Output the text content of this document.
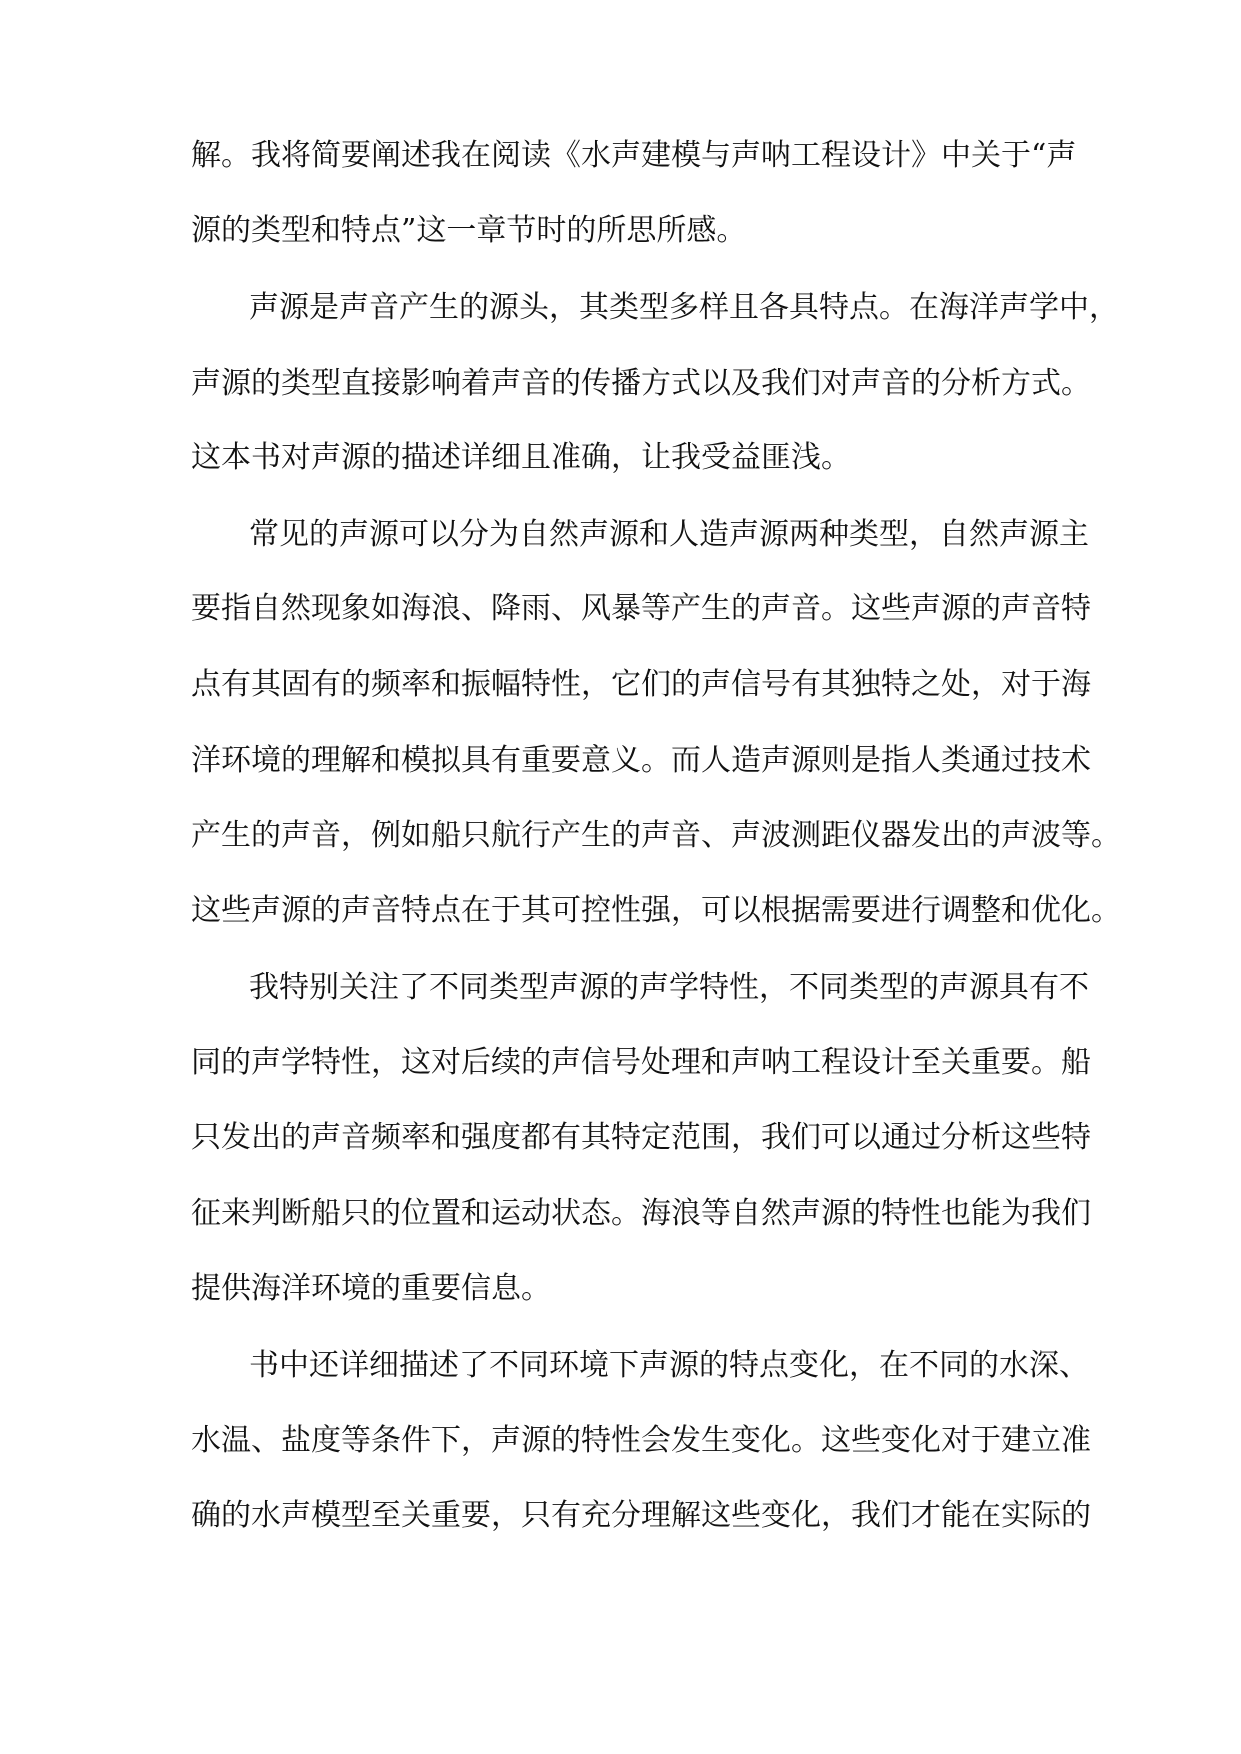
解。我将简要阐述我在阅读《水声建模与声呐工程设计》中关于“声
源的类型和特点”这一章节时的所思所感。
声源是声音产生的源头，其类型多样且各具特点。在海洋声学中，
声源的类型直接影响着声音的传播方式以及我们对声音的分析方式。
这本书对声源的描述详细且准确，让我受益匪浅。
常见的声源可以分为自然声源和人造声源两种类型，自然声源主
要指自然现象如海浪、降雨、风暴等产生的声音。这些声源的声音特
点有其固有的频率和振幅特性，它们的声信号有其独特之处，对于海
洋环境的理解和模拟具有重要意义。而人造声源则是指人类通过技术
产生的声音，例如船只航行产生的声音、声波测距仪器发出的声波等。
这些声源的声音特点在于其可控性强，可以根据需要进行调整和优化。
我特别关注了不同类型声源的声学特性，不同类型的声源具有不
同的声学特性，这对后续的声信号处理和声呐工程设计至关重要。船
只发出的声音频率和强度都有其特定范围，我们可以通过分析这些特
征来判断船只的位置和运动状态。海浪等自然声源的特性也能为我们
提供海洋环境的重要信息。
书中还详细描述了不同环境下声源的特点变化，在不同的水深、
水温、盐度等条件下，声源的特性会发生变化。这些变化对于建立准
确的水声模型至关重要，只有充分理解这些变化，我们才能在实际的
